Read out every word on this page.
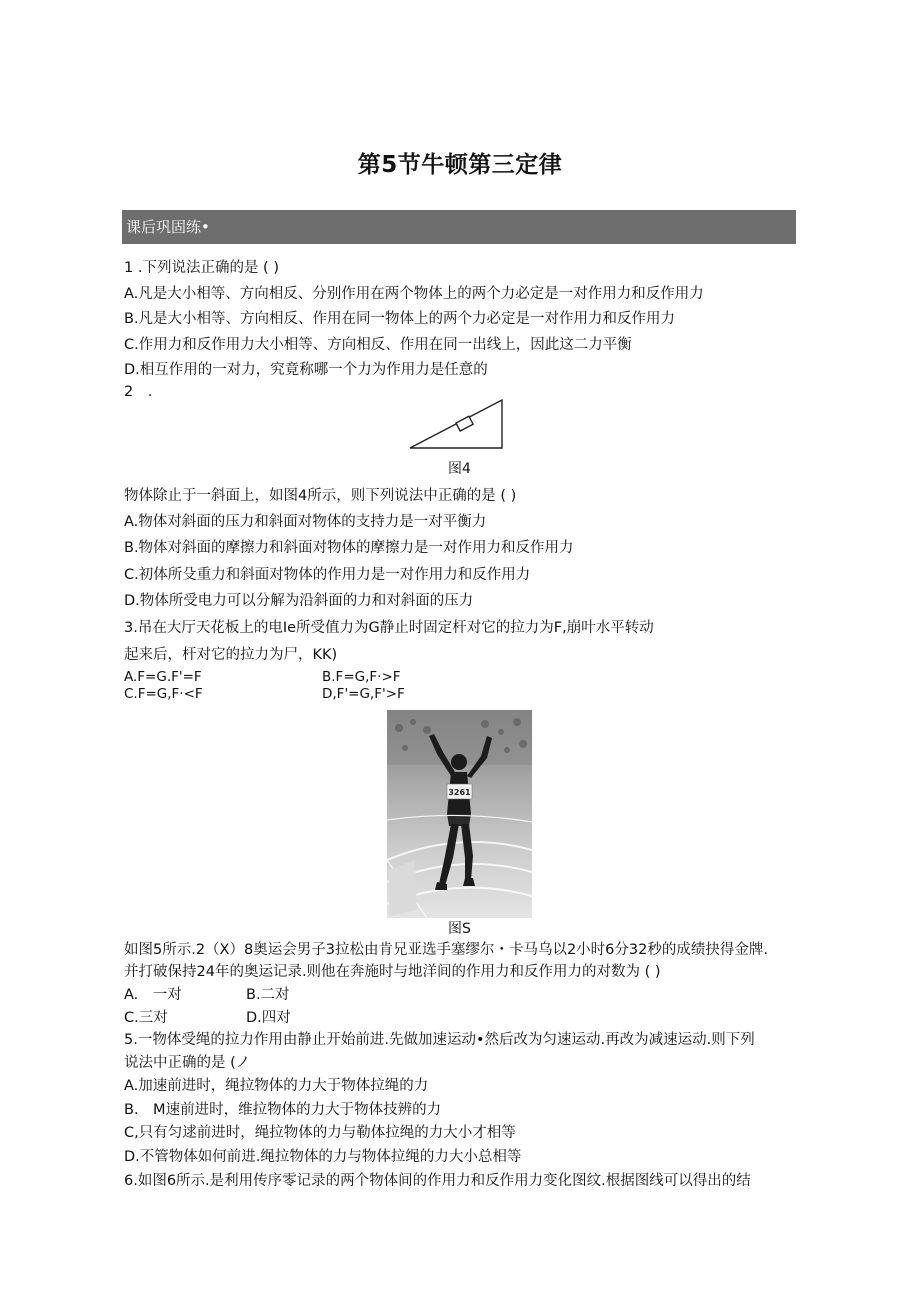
第5节牛顿第三定律
课后巩固练•
1 .下列说法正确的是 ( )
A.凡是大小相等、方向相反、分别作用在两个物体上的两个力必定是一对作用力和反作用力
B.凡是大小相等、方向相反、作用在同一物体上的两个力必定是一对作用力和反作用力
C.作用力和反作用力大小相等、方向相反、作用在同一出线上，因此这二力平衡
D.相互作用的一对力，究竟称哪一个力为作用力是任意的
2　.
图4
物体除止于一斜面上，如图4所示，则下列说法中正确的是 ( )
A.物体对斜面的压力和斜面对物体的支持力是一对平衡力
B.物体对斜面的摩擦力和斜面对物体的摩擦力是一对作用力和反作用力
C.初体所殳重力和斜面对物体的作用力是一对作用力和反作用力
D.物体所受电力可以分解为沿斜面的力和对斜面的压力
3.吊在大厅天花板上的电Ie所受值力为G静止时固定杆对它的拉力为F,崩叶水平转动
起来后，杆对它的拉力为尸，KK)
A.F=G.F'=F	B.F=G,F·>F
C.F=G,F·<F	D,F'=G,F'>F
3261
图S
如图5所示.2（X）8奥运会男子3拉松由肯兄亚选手塞缪尔・卡马乌以2小时6分32秒的成绩抉得金牌.
并打破保持24年的奥运记录.则他在奔施时与地洋间的作用力和反作用力的对数为 ( )
A.　一对	B.二对
C.三对	D.四对
5.一物体受绳的拉力作用由静止开始前进.先做加速运动•然后改为匀速运动.再改为减速运动.则下列
说法中正确的是 (ノ
A.加速前进时，绳拉物体的力大于物体拉绳的力
B.　M速前进时，维拉物体的力大于物体技辨的力
C,只有匀逑前进时，绳拉物体的力与勒体拉绳的力大小才相等
D.不管物体如何前进.绳拉物体的力与物体拉绳的力大小总相等
6.如图6所示.是利用传序零记录的两个物体间的作用力和反作用力变化图纹.根据图线可以得出的结
